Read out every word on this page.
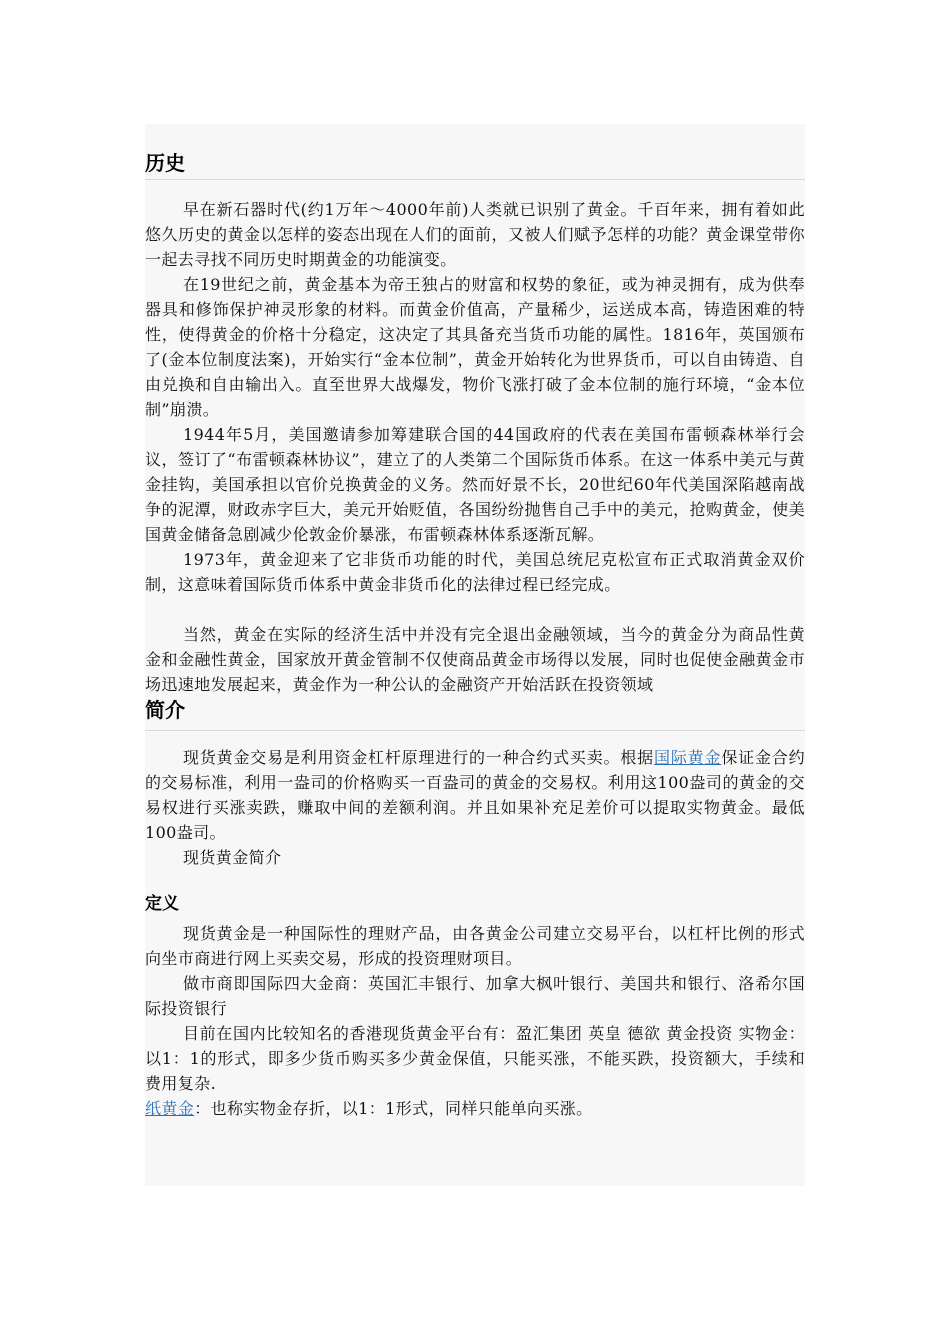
历史

早在新石器时代(约1万年～4000年前)人类就已识别了黄金。千百年来，拥有着如此悠久历史的黄金以怎样的姿态出现在人们的面前，又被人们赋予怎样的功能？黄金课堂带你一起去寻找不同历史时期黄金的功能演变。

在19世纪之前，黄金基本为帝王独占的财富和权势的象征，或为神灵拥有，成为供奉器具和修饰保护神灵形象的材料。而黄金价值高，产量稀少，运送成本高，铸造困难的特性，使得黄金的价格十分稳定，这决定了其具备充当货币功能的属性。1816年，英国颁布了(金本位制度法案)，开始实行“金本位制”，黄金开始转化为世界货币，可以自由铸造、自由兑换和自由输出入。直至世界大战爆发，物价飞涨打破了金本位制的施行环境，“金本位制”崩溃。

1944年5月，美国邀请参加筹建联合国的44国政府的代表在美国布雷顿森林举行会议，签订了“布雷顿森林协议”，建立了的人类第二个国际货币体系。在这一体系中美元与黄金挂钩，美国承担以官价兑换黄金的义务。然而好景不长，20世纪60年代美国深陷越南战争的泥潭，财政赤字巨大，美元开始贬值，各国纷纷抛售自己手中的美元，抢购黄金，使美国黄金储备急剧减少伦敦金价暴涨，布雷顿森林体系逐渐瓦解。

1973年，黄金迎来了它非货币功能的时代，美国总统尼克松宣布正式取消黄金双价制，这意味着国际货币体系中黄金非货币化的法律过程已经完成。

当然，黄金在实际的经济生活中并没有完全退出金融领域，当今的黄金分为商品性黄金和金融性黄金，国家放开黄金管制不仅使商品黄金市场得以发展，同时也促使金融黄金市场迅速地发展起来，黄金作为一种公认的金融资产开始活跃在投资领域

简介

现货黄金交易是利用资金杠杆原理进行的一种合约式买卖。根据国际黄金保证金合约的交易标准，利用一盎司的价格购买一百盎司的黄金的交易权。利用这100盎司的黄金的交易权进行买涨卖跌，赚取中间的差额利润。并且如果补充足差价可以提取实物黄金。最低100盎司。

现货黄金简介

定义

现货黄金是一种国际性的理财产品，由各黄金公司建立交易平台，以杠杆比例的形式向坐市商进行网上买卖交易，形成的投资理财项目。

做市商即国际四大金商：英国汇丰银行、加拿大枫叶银行、美国共和银行、洛希尔国际投资银行

目前在国内比较知名的香港现货黄金平台有：盈汇集团 英皇 德欲 黄金投资 实物金：以1：1的形式，即多少货币购买多少黄金保值，只能买涨，不能买跌，投资额大，手续和费用复杂.

纸黄金：也称实物金存折，以1：1形式，同样只能单向买涨。
